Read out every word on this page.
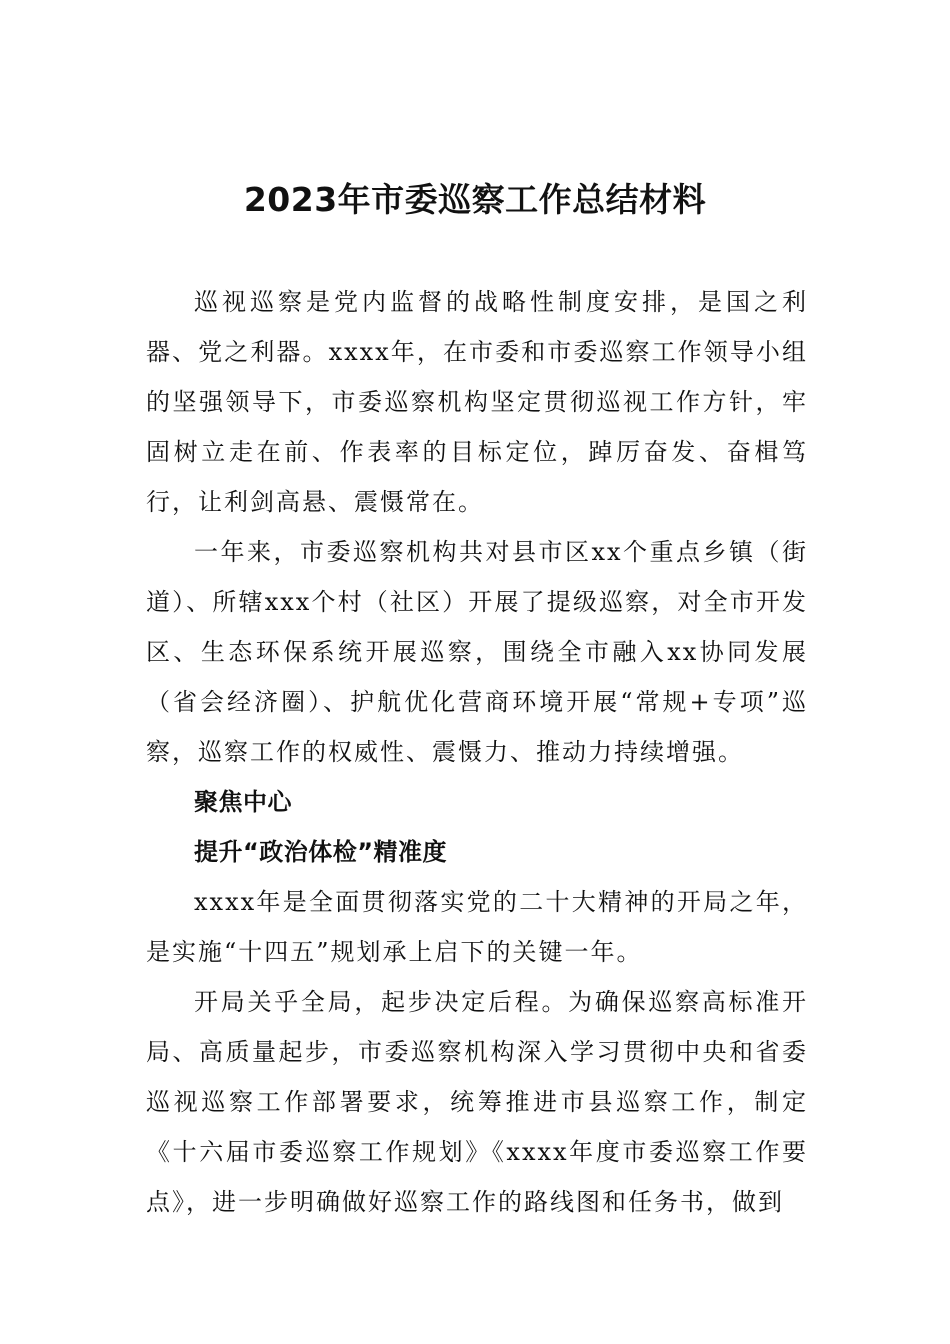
2023年市委巡察工作总结材料

巡视巡察是党内监督的战略性制度安排，是国之利器、党之利器。xxxx年，在市委和市委巡察工作领导小组的坚强领导下，市委巡察机构坚定贯彻巡视工作方针，牢固树立走在前、作表率的目标定位，踔厉奋发、奋楫笃行，让利剑高悬、震慑常在。

一年来，市委巡察机构共对县市区xx个重点乡镇（街道）、所辖xxx个村（社区）开展了提级巡察，对全市开发区、生态环保系统开展巡察，围绕全市融入xx协同发展（省会经济圈）、护航优化营商环境开展“常规+专项”巡察，巡察工作的权威性、震慑力、推动力持续增强。

聚焦中心

提升“政治体检”精准度

xxxx年是全面贯彻落实党的二十大精神的开局之年，是实施“十四五”规划承上启下的关键一年。

开局关乎全局，起步决定后程。为确保巡察高标准开局、高质量起步，市委巡察机构深入学习贯彻中央和省委巡视巡察工作部署要求，统筹推进市县巡察工作，制定《十六届市委巡察工作规划》《xxxx年度市委巡察工作要点》，进一步明确做好巡察工作的路线图和任务书，做到
